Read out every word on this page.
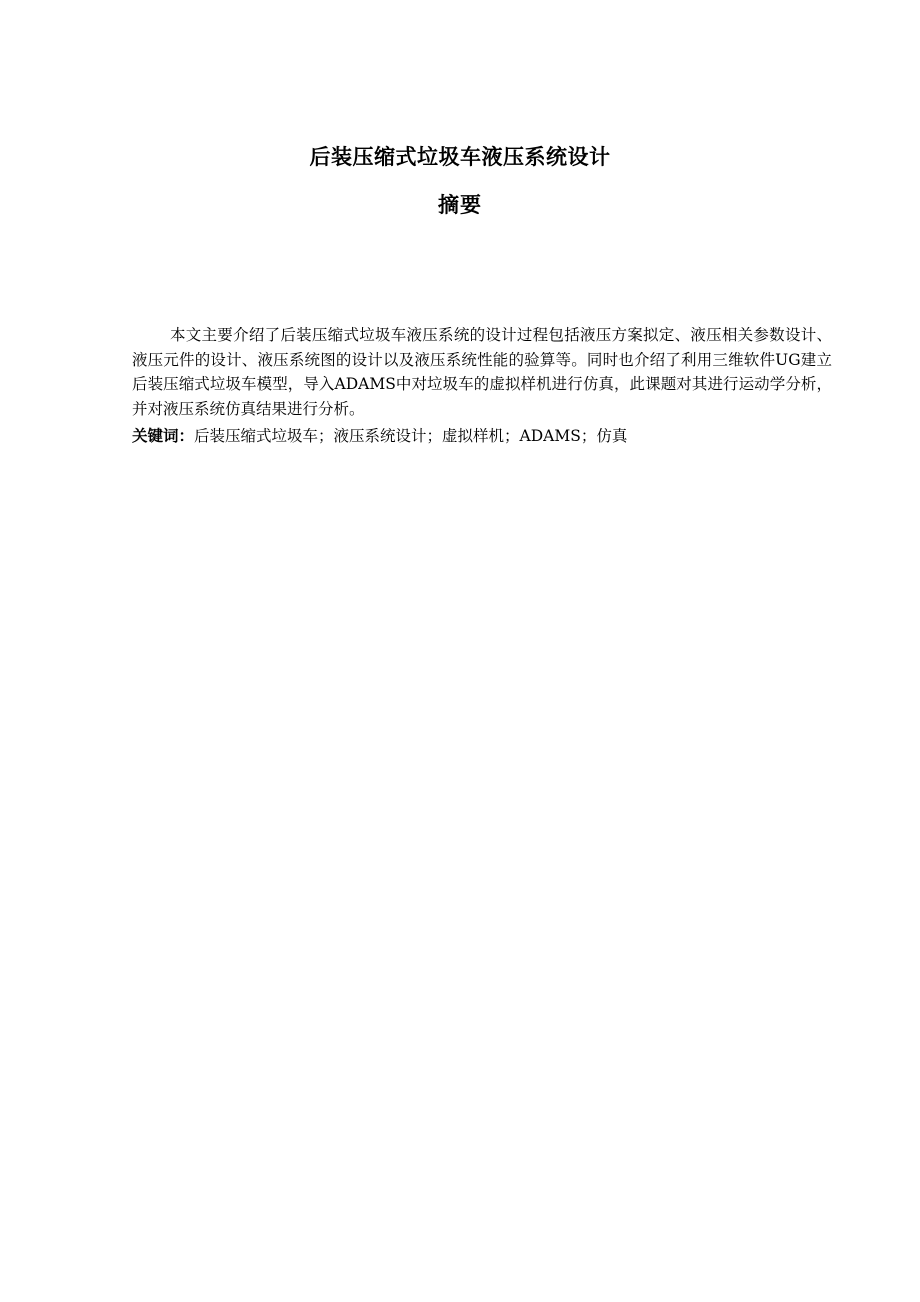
后装压缩式垃圾车液压系统设计
摘要

本文主要介绍了后装压缩式垃圾车液压系统的设计过程包括液压方案拟定、液压相关参数设计、液压元件的设计、液压系统图的设计以及液压系统性能的验算等。同时也介绍了利用三维软件UG建立后装压缩式垃圾车模型，导入ADAMS中对垃圾车的虚拟样机进行仿真，此课题对其进行运动学分析，并对液压系统仿真结果进行分析。

关键词：后装压缩式垃圾车；液压系统设计；虚拟样机；ADAMS；仿真
